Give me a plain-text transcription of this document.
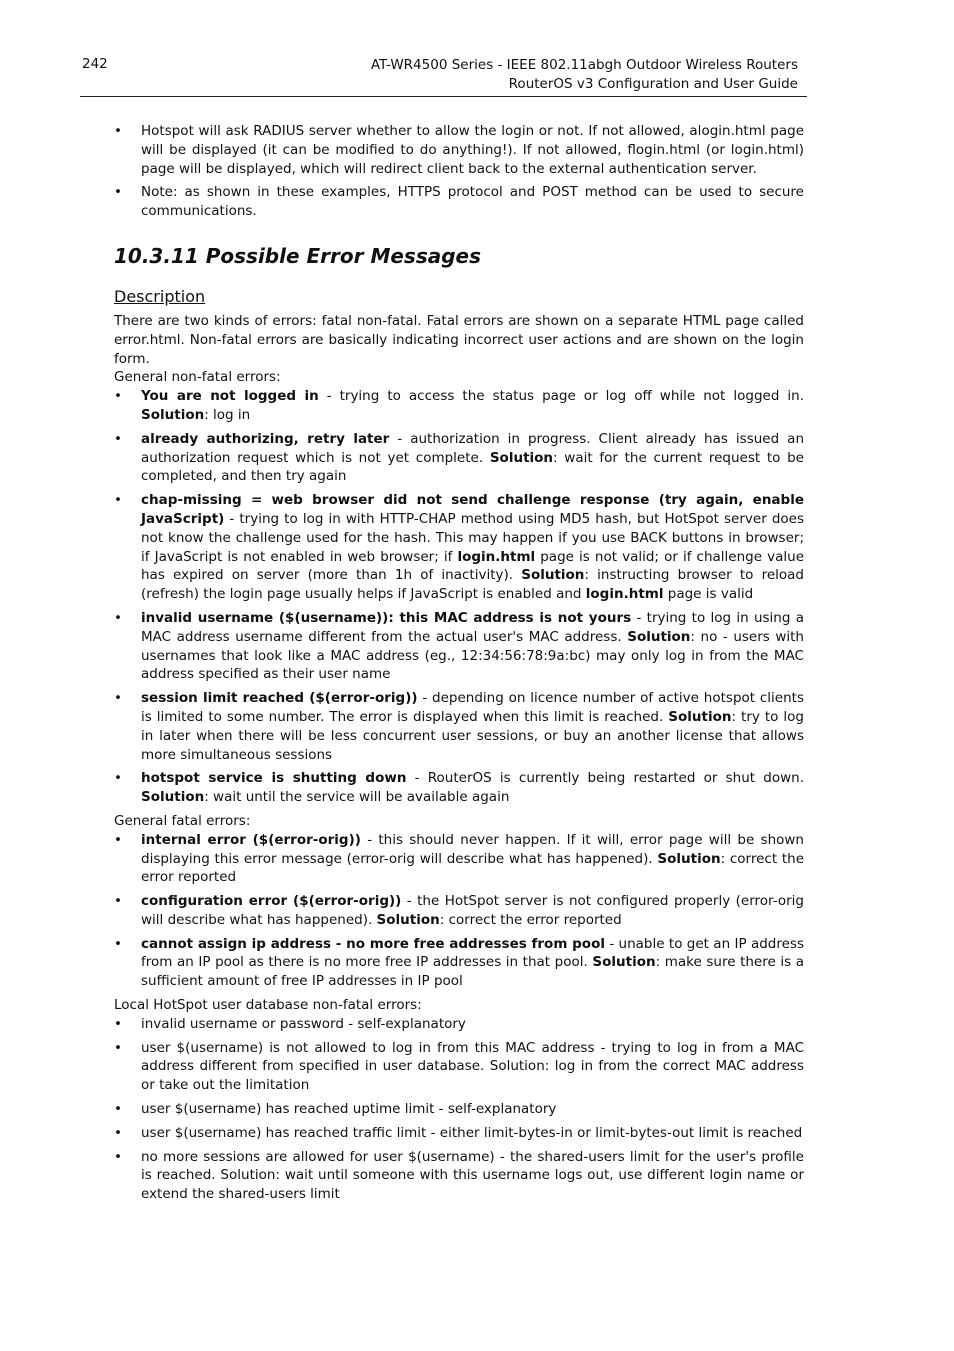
242	AT-WR4500 Series - IEEE 802.11abgh Outdoor Wireless Routers
RouterOS v3 Configuration and User Guide
• Hotspot will ask RADIUS server whether to allow the login or not. If not allowed, alogin.html page will be displayed (it can be modified to do anything!). If not allowed, flogin.html (or login.html) page will be displayed, which will redirect client back to the external authentication server.
• Note: as shown in these examples, HTTPS protocol and POST method can be used to secure communications.
10.3.11 Possible Error Messages
Description

There are two kinds of errors: fatal non-fatal. Fatal errors are shown on a separate HTML page called error.html. Non-fatal errors are basically indicating incorrect user actions and are shown on the login form.

General non-fatal errors:

• You are not logged in - trying to access the status page or log off while not logged in. Solution: log in
• already authorizing, retry later - authorization in progress. Client already has issued an authorization request which is not yet complete. Solution: wait for the current request to be completed, and then try again
• chap-missing = web browser did not send challenge response (try again, enable JavaScript) - trying to log in with HTTP-CHAP method using MD5 hash, but HotSpot server does not know the challenge used for the hash. This may happen if you use BACK buttons in browser; if JavaScript is not enabled in web browser; if login.html page is not valid; or if challenge value has expired on server (more than 1h of inactivity). Solution: instructing browser to reload (refresh) the login page usually helps if JavaScript is enabled and login.html page is valid
• invalid username ($(username)): this MAC address is not yours - trying to log in using a MAC address username different from the actual user's MAC address. Solution: no - users with usernames that look like a MAC address (eg., 12:34:56:78:9a:bc) may only log in from the MAC address specified as their user name
• session limit reached ($(error-orig)) - depending on licence number of active hotspot clients is limited to some number. The error is displayed when this limit is reached. Solution: try to log in later when there will be less concurrent user sessions, or buy an another license that allows more simultaneous sessions
• hotspot service is shutting down - RouterOS is currently being restarted or shut down. Solution: wait until the service will be available again

General fatal errors:

• internal error ($(error-orig)) - this should never happen. If it will, error page will be shown displaying this error message (error-orig will describe what has happened). Solution: correct the error reported
• configuration error ($(error-orig)) - the HotSpot server is not configured properly (error-orig will describe what has happened). Solution: correct the error reported
• cannot assign ip address - no more free addresses from pool - unable to get an IP address from an IP pool as there is no more free IP addresses in that pool. Solution: make sure there is a sufficient amount of free IP addresses in IP pool

Local HotSpot user database non-fatal errors:

• invalid username or password - self-explanatory
• user $(username) is not allowed to log in from this MAC address - trying to log in from a MAC address different from specified in user database. Solution: log in from the correct MAC address or take out the limitation
• user $(username) has reached uptime limit - self-explanatory
• user $(username) has reached traffic limit - either limit-bytes-in or limit-bytes-out limit is reached
• no more sessions are allowed for user $(username) - the shared-users limit for the user's profile is reached. Solution: wait until someone with this username logs out, use different login name or extend the shared-users limit
